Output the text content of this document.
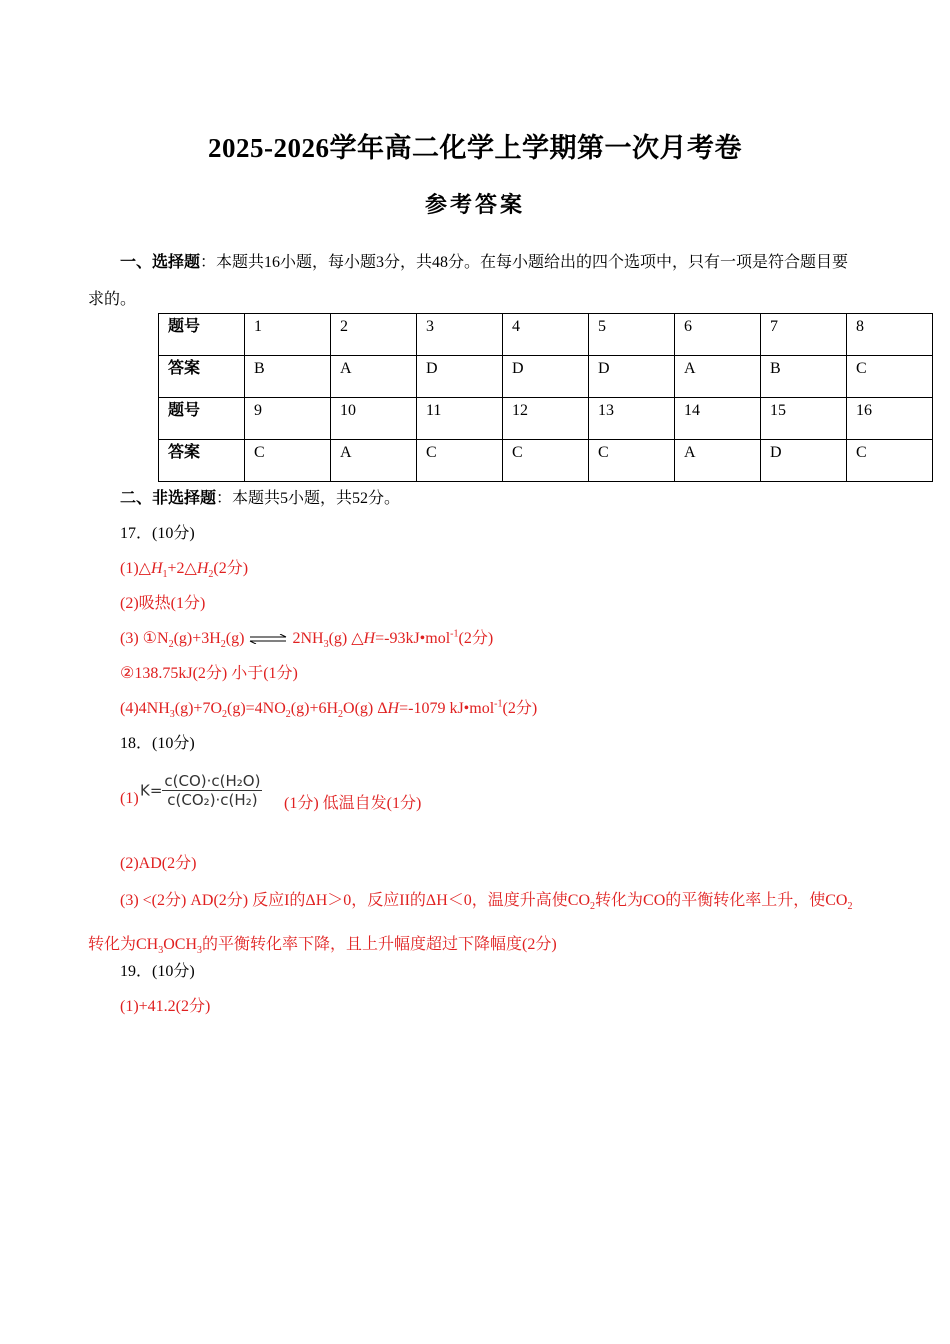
2025-2026学年高二化学上学期第一次月考卷
参考答案
一、选择题：本题共16小题，每小题3分，共48分。在每小题给出的四个选项中，只有一项是符合题目要求的。
题号	1	2	3	4	5	6	7	8
答案	B	A	D	D	D	A	B	C
题号	9	10	11	12	13	14	15	16
答案	C	A	C	C	C	A	D	C
二、非选择题：本题共5小题，共52分。
17．(10分)
$(1)\triangle H_1+2\triangle H_2(2$分)
(2)吸热(1分)
(3) $①N_2(g)+3H_2(g)$ ⇌ $2NH_3(g)$ △H=-93kJ•mol$^{-1}$(2分)
②138.75kJ(2分) 小于(1分)
$(4)4NH_3(g)+7O_2(g)=4NO_2(g)+6H_2O(g)$ ΔH=-1079 kJ•mol$^{-1}$(2分)
18．(10分)
$K= \frac{\text{c(CO)·c(H₂O)}}{\text{c(CO₂)·c(H₂)}}$
(1)	(1分) 低温自发(1分)
(2)AD(2分)
(3) <(2分) AD(2分) 反应I的ΔH＞0，反应II的ΔH＜0，温度升高使$CO_2$转化为CO的平衡转化率上升，使$CO_2$转化为$CH_3OCH_3$的平衡转化率下降，且上升幅度超过下降幅度(2分)
19．(10分)
(1)+41.2(2分)
